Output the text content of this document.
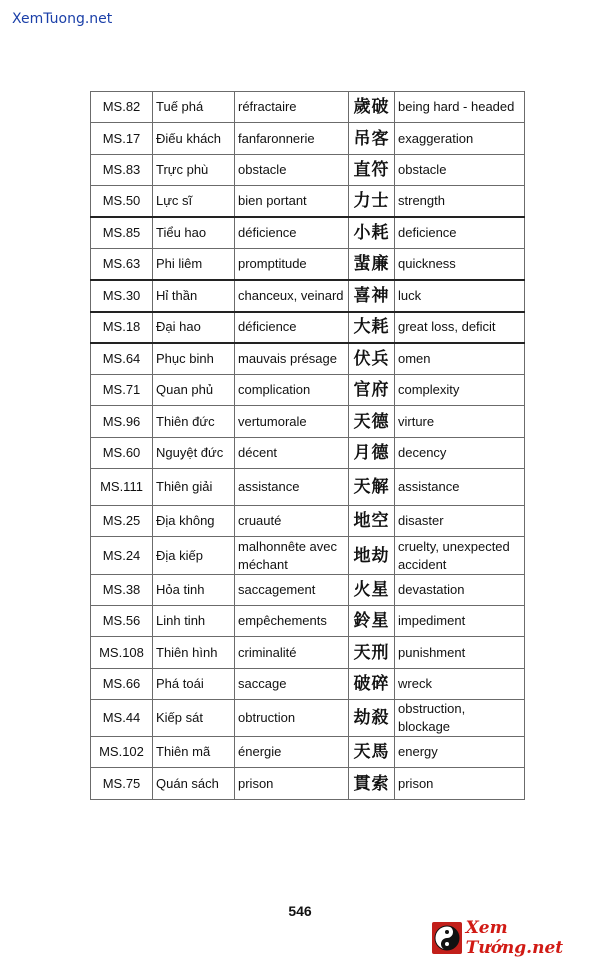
XemTuong.net
MS.82	Tuế phá	réfractaire	歲破	being hard - headed
MS.17	Điếu khách	fanfaronnerie	吊客	exaggeration
MS.83	Trực phù	obstacle	直符	obstacle
MS.50	Lực sĩ	bien portant	力士	strength
MS.85	Tiểu hao	déficience	小耗	deficience
MS.63	Phi liêm	promptitude	蜚廉	quickness
MS.30	Hỉ thần	chanceux, veinard	喜神	luck
MS.18	Đại hao	déficience	大耗	great loss, deficit
MS.64	Phục binh	mauvais présage	伏兵	omen
MS.71	Quan phủ	complication	官府	complexity
MS.96	Thiên đức	vertumorale	天德	virture
MS.60	Nguyệt đức	décent	月德	decency
MS.111	Thiên giải	assistance	天解	assistance
MS.25	Địa không	cruauté	地空	disaster
MS.24	Địa kiếp	malhonnête avec méchant	地劫	cruelty, unexpected accident
MS.38	Hỏa tinh	saccagement	火星	devastation
MS.56	Linh tinh	empêchements	鈴星	impediment
MS.108	Thiên hình	criminalité	天刑	punishment
MS.66	Phá toái	saccage	破碎	wreck
MS.44	Kiếp sát	obtruction	劫殺	obstruction, blockage
MS.102	Thiên mã	énergie	天馬	energy
MS.75	Quán sách	prison	貫索	prison
546
Xem Tướng.net
